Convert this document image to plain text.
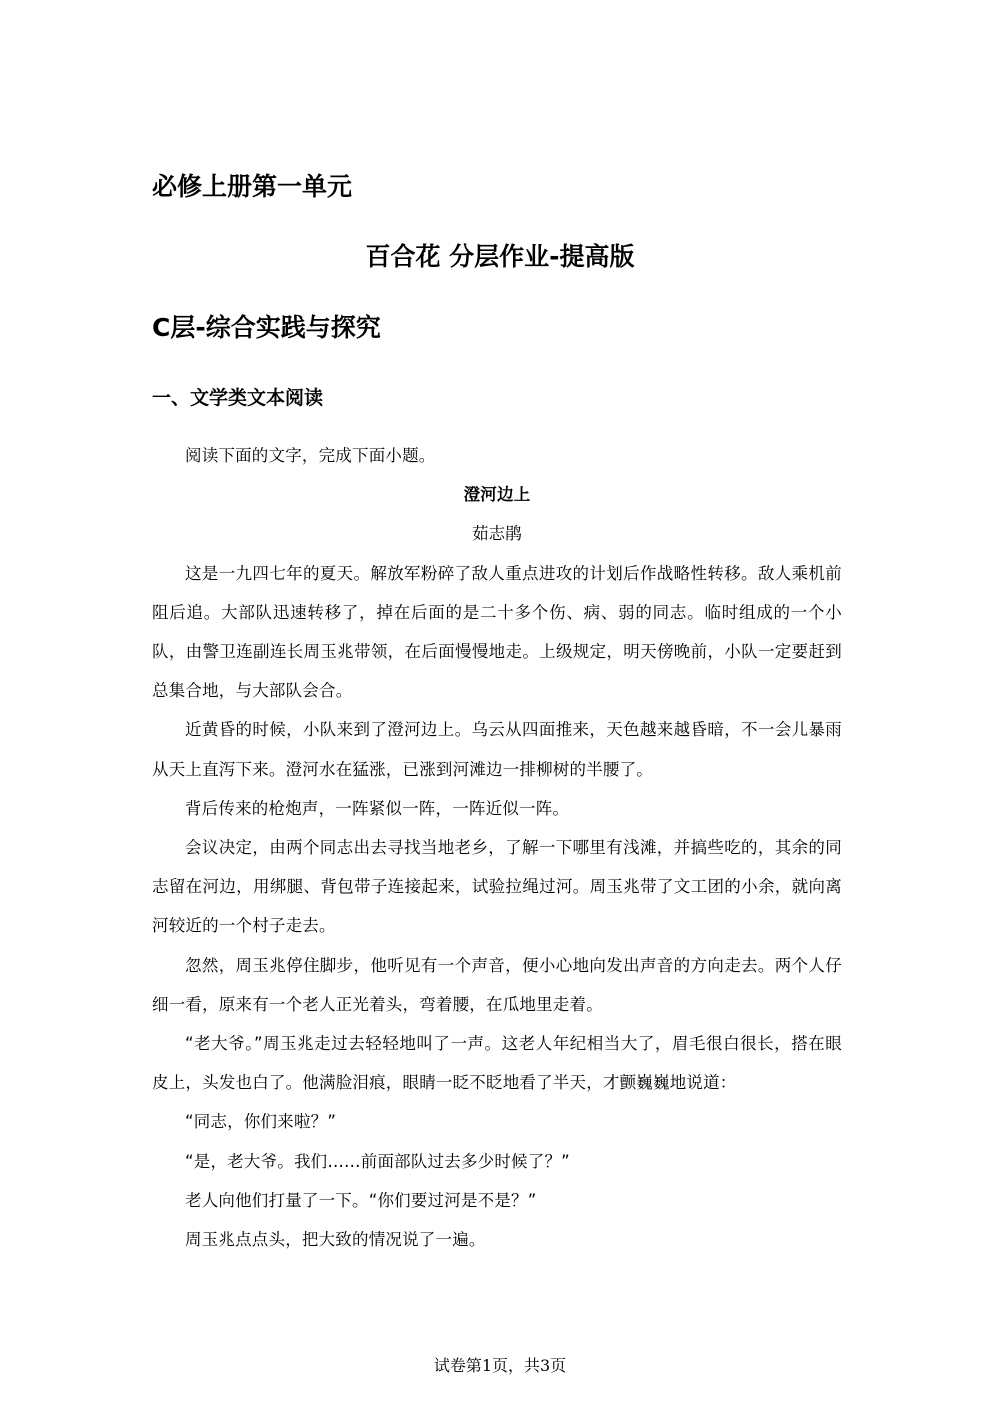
必修上册第一单元
百合花 分层作业-提高版
C层-综合实践与探究
一、文学类文本阅读

阅读下面的文字，完成下面小题。

澄河边上

茹志鹃

这是一九四七年的夏天。解放军粉碎了敌人重点进攻的计划后作战略性转移。敌人乘机前阻后追。大部队迅速转移了，掉在后面的是二十多个伤、病、弱的同志。临时组成的一个小队，由警卫连副连长周玉兆带领，在后面慢慢地走。上级规定，明天傍晚前，小队一定要赶到总集合地，与大部队会合。

近黄昏的时候，小队来到了澄河边上。乌云从四面推来，天色越来越昏暗，不一会儿暴雨从天上直泻下来。澄河水在猛涨，已涨到河滩边一排柳树的半腰了。

背后传来的枪炮声，一阵紧似一阵，一阵近似一阵。

会议决定，由两个同志出去寻找当地老乡，了解一下哪里有浅滩，并搞些吃的，其余的同志留在河边，用绑腿、背包带子连接起来，试验拉绳过河。周玉兆带了文工团的小余，就向离河较近的一个村子走去。

忽然，周玉兆停住脚步，他听见有一个声音，便小心地向发出声音的方向走去。两个人仔细一看，原来有一个老人正光着头，弯着腰，在瓜地里走着。

“老大爷。”周玉兆走过去轻轻地叫了一声。这老人年纪相当大了，眉毛很白很长，搭在眼皮上，头发也白了。他满脸泪痕，眼睛一眨不眨地看了半天，才颤巍巍地说道：

“同志，你们来啦？”

“是，老大爷。我们……前面部队过去多少时候了？”

老人向他们打量了一下。“你们要过河是不是？”

周玉兆点点头，把大致的情况说了一遍。

试卷第1页，共3页
